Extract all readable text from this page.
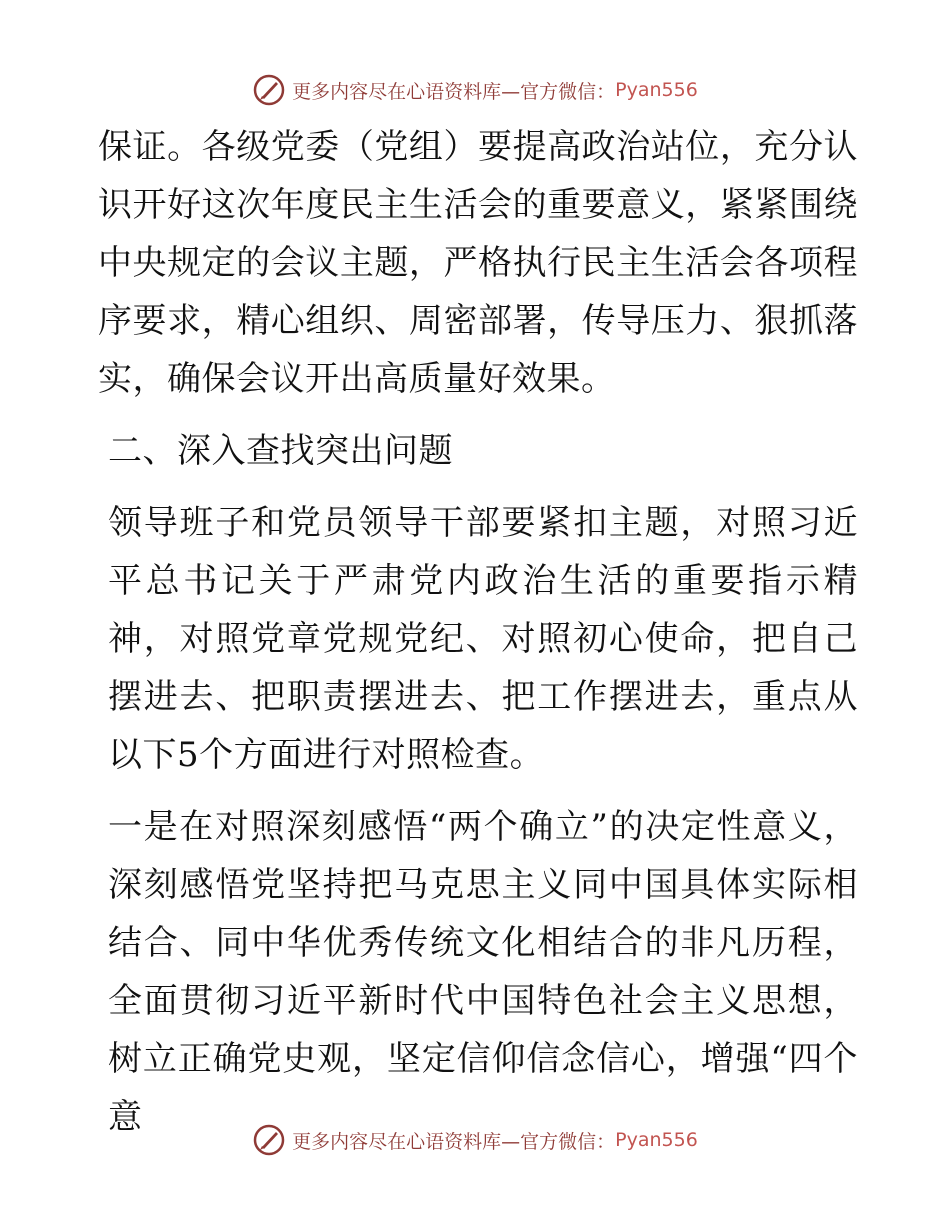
更多内容尽在心语资料库—官方微信： Pyan556

保证。各级党委（党组）要提高政治站位，充分认识开好这次年度民主生活会的重要意义，紧紧围绕中央规定的会议主题，严格执行民主生活会各项程序要求，精心组织、周密部署，传导压力、狠抓落实，确保会议开出高质量好效果。

二、深入查找突出问题

领导班子和党员领导干部要紧扣主题，对照习近平总书记关于严肃党内政治生活的重要指示精神，对照党章党规党纪、对照初心使命，把自己摆进去、把职责摆进去、把工作摆进去，重点从以下5个方面进行对照检查。

一是在对照深刻感悟“两个确立”的决定性意义，深刻感悟党坚持把马克思主义同中国具体实际相结合、同中华优秀传统文化相结合的非凡历程，全面贯彻习近平新时代中国特色社会主义思想，树立正确党史观，坚定信仰信念信心，增强“四个意

更多内容尽在心语资料库—官方微信： Pyan556
